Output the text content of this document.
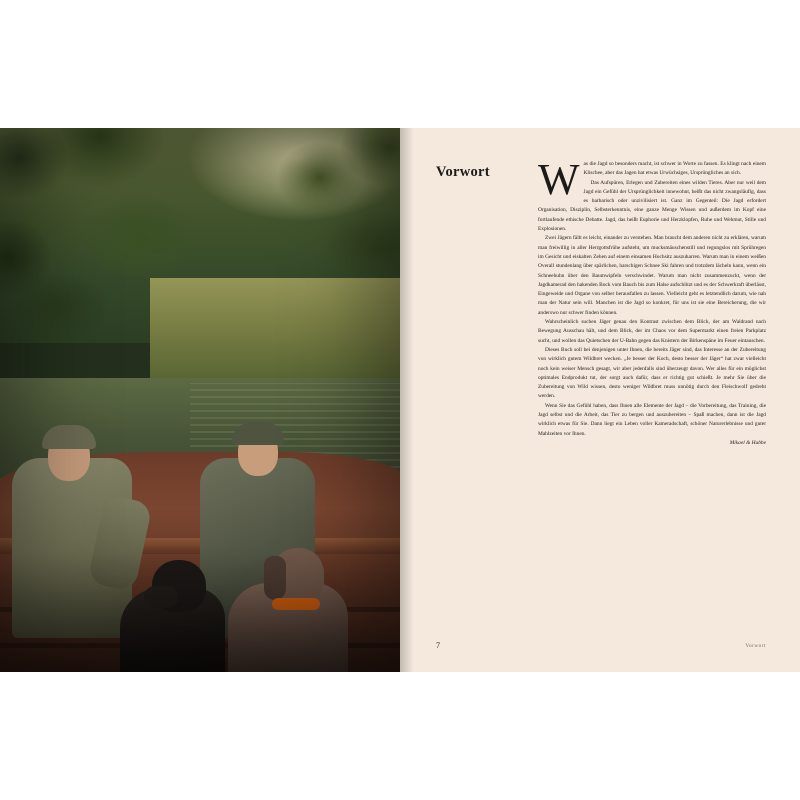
Vorwort Was die Jagd so besonders macht, ist schwer in Worte zu fassen. Es klingt nach einem Klischee, aber das Jagen hat etwas Urwüchsiges, Ursprüngliches an sich.

Das Aufspüren, Erlegen und Zubereiten eines wilden Tieres. Aber nur weil dem Jagd ein Gefühl der Ursprünglichkeit innewohnt, heißt das nicht zwangsläufig, dass es barbarisch oder unzivilisiert ist. Ganz im Gegenteil: Die Jagd erfordert Organisation, Disziplin, Selbsterkenntnis, eine ganze Menge Wissen und außerdem im Kopf eine fortlaufende ethische Debatte. Jagd, das heißt Euphorie und Herzklopfen, Ruhe und Wehmut, Stille und Explosionen.

Zwei Jägern fällt es leicht, einander zu verstehen. Man braucht dem anderen nicht zu erklären, warum man freiwillig in aller Herrgottsfrühe aufsteht, um mucksmäuschenstill und regungslos mit Sprühregen im Gesicht und eiskalten Zehen auf einem einsamen Hochsitz auszuharren. Warum man in einem weißen Overall stundenlang über spärlichen, harschigen Schnee Ski fahren und trotzdem lächeln kann, wenn ein Schneehuhn über den Baumwipfeln verschwindet. Warum man nicht zusammenzuckt, wenn der Jagdkamerad den hakenden Bock vom Bauch bis zum Halse aufschlitzt und es der Schwerkraft überlässt, Eingeweide und Organe von selber herausfallen zu lassen. Vielleicht geht es letztendlich darum, wie nah man der Natur sein will. Manchen ist die Jagd so konkret, für uns ist sie eine Bereicherung, die wir anderswo nur schwer finden können.

Wahrscheinlich suchen Jäger genau den Kontrast zwischen dem Blick, der am Waldrand nach Bewegung Ausschau hält, und dem Blick, der im Chaos vor dem Supermarkt einen freien Parkplatz sucht, und wollen das Quietschen der U-Bahn gegen das Knistern der Birkenspäne im Feuer eintauschen.

Dieses Buch soll bei denjenigen unter Ihnen, die bereits Jäger sind, das Interesse an der Zubereitung von wirklich gutem Wildbret wecken. „Je besser der Koch, desto besser der Jäger“ hat zwar vielleicht noch kein weiser Mensch gesagt, wir aber jedenfalls sind überzeugt davon. Wer alles für ein möglichst optimales Endprodukt tut, der sorgt auch dafür, dass er richtig gut schießt. Je mehr Sie über die Zubereitung von Wild wissen, desto weniger Wildbret muss unnötig durch den Fleischwolf gedreht werden.

Wenn Sie das Gefühl haben, dass Ihnen alle Elemente der Jagd – die Vorbereitung, das Training, die Jagd selbst und die Arbeit, das Tier zu bergen und auszubereiten – Spaß machen, dann ist die Jagd wirklich etwas für Sie. Dann liegt ein Leben voller Kameradschaft, schöner Naturerlebnisse und guter Mahlzeiten vor Ihnen.

Mikael & Hubbe

7	Vorwort
